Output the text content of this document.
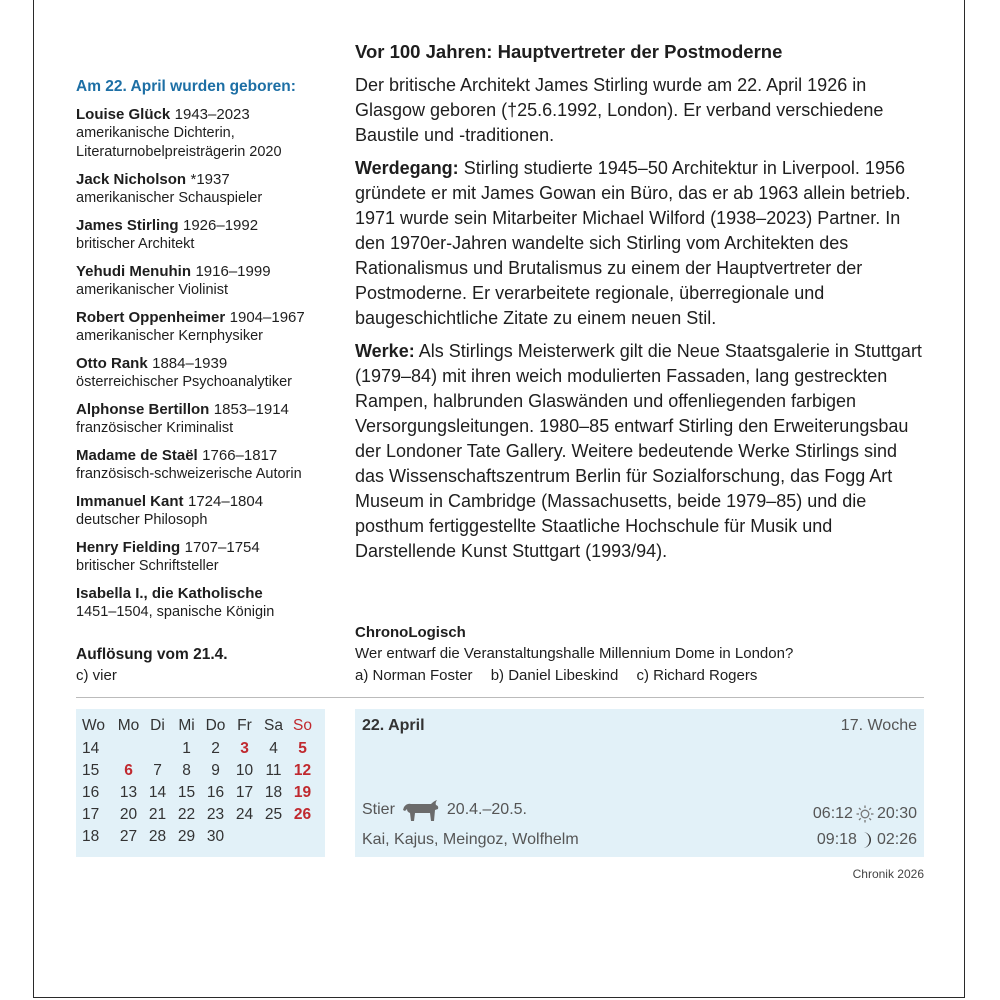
Am 22. April wurden geboren:
Louise Glück 1943–2023
amerikanische Dichterin, Literaturnobelpreisträgerin 2020
Jack Nicholson *1937
amerikanischer Schauspieler
James Stirling 1926–1992
britischer Architekt
Yehudi Menuhin 1916–1999
amerikanischer Violinist
Robert Oppenheimer 1904–1967
amerikanischer Kernphysiker
Otto Rank 1884–1939
österreichischer Psychoanalytiker
Alphonse Bertillon 1853–1914
französischer Kriminalist
Madame de Staël 1766–1817
französisch-schweizerische Autorin
Immanuel Kant 1724–1804
deutscher Philosoph
Henry Fielding 1707–1754
britischer Schriftsteller
Isabella I., die Katholische
1451–1504, spanische Königin
Auflösung vom 21.4.
c) vier
Vor 100 Jahren: Hauptvertreter der Postmoderne

Der britische Architekt James Stirling wurde am 22. April 1926 in Glasgow geboren (†25.6.1992, London). Er verband verschiedene Baustile und -traditionen.

Werdegang: Stirling studierte 1945–50 Architektur in Liverpool. 1956 gründete er mit James Gowan ein Büro, das er ab 1963 allein betrieb. 1971 wurde sein Mitarbeiter Michael Wilford (1938–2023) Partner. In den 1970er-Jahren wandelte sich Stirling vom Architekten des Rationalismus und Brutalismus zu einem der Hauptvertreter der Postmoderne. Er verarbeitete regionale, überregionale und baugeschichtliche Zitate zu einem neuen Stil.

Werke: Als Stirlings Meisterwerk gilt die Neue Staatsgalerie in Stuttgart (1979–84) mit ihren weich modulierten Fassaden, lang gestreckten Rampen, halbrunden Glaswänden und offenliegenden farbigen Versorgungsleitungen. 1980–85 entwarf Stirling den Erweiterungsbau der Londoner Tate Gallery. Weitere bedeutende Werke Stirlings sind das Wissenschaftszentrum Berlin für Sozialforschung, das Fogg Art Museum in Cambridge (Massachusetts, beide 1979–85) und die posthum fertiggestellte Staatliche Hochschule für Musik und Darstellende Kunst Stuttgart (1993/94).

ChronoLogisch
Wer entwarf die Veranstaltungshalle Millennium Dome in London?
a) Norman Foster b) Daniel Libeskind c) Richard Rogers
Wo	Mo	Di	Mi	Do	Fr	Sa	So
14			1	2	3	4	5
15	6	7	8	9	10	11	12
16	13	14	15	16	17	18	19
17	20	21	22	23	24	25	26
18	27	28	29	30			
22. April	17. Woche
Stier	20.4.–20.5.	06:12 20:30
Kai, Kajus, Meingoz, Wolfhelm	09:18 02:26
Chronik 2026
